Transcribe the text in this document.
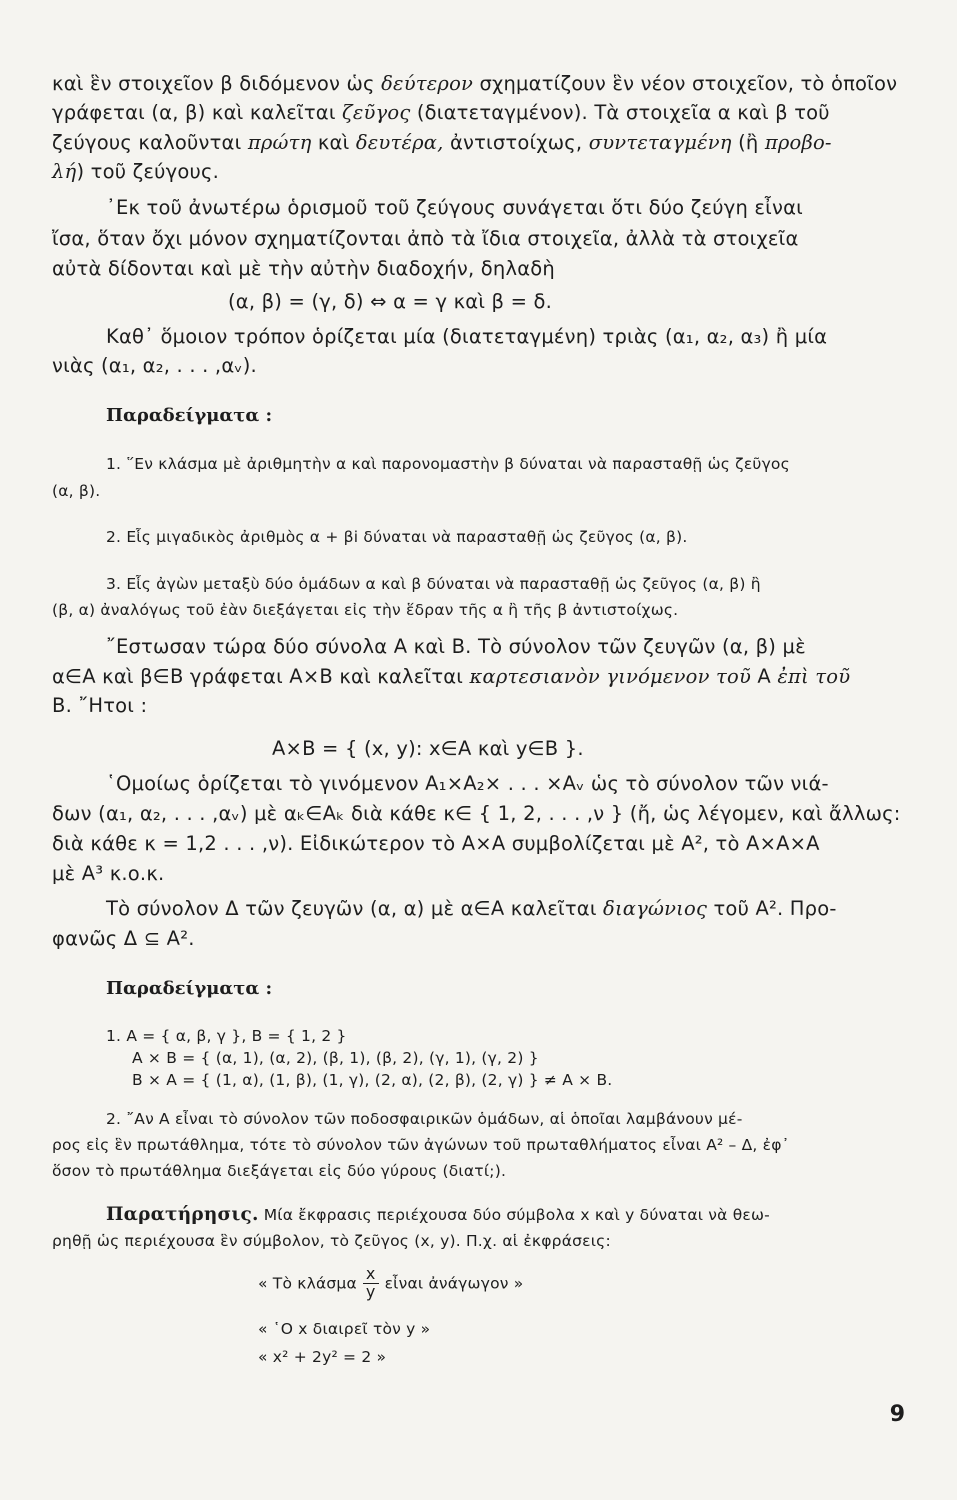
καὶ ἓν στοιχεῖον β διδόμενον ὡς δεύτερον σχηματίζουν ἓν νέον στοιχεῖον, τὸ ὁποῖον
γράφεται (α, β) καὶ καλεῖται ζεῦγος (διατεταγμένον). Τὰ στοιχεῖα α καὶ β τοῦ
ζεύγους καλοῦνται πρώτη καὶ δευτέρα, ἀντιστοίχως, συντεταγμένη (ἢ προβο-
λή) τοῦ ζεύγους.
᾿Εκ τοῦ ἀνωτέρω ὁρισμοῦ τοῦ ζεύγους συνάγεται ὅτι δύο ζεύγη εἶναι
ἴσα, ὅταν ὄχι μόνον σχηματίζονται ἀπὸ τὰ ἴδια στοιχεῖα, ἀλλὰ τὰ στοιχεῖα
αὐτὰ δίδονται καὶ μὲ τὴν αὐτὴν διαδοχήν, δηλαδὴ
(α, β) = (γ, δ) ⇔ α = γ καὶ β = δ.
Καθ᾿ ὅμοιον τρόπον ὁρίζεται μία (διατεταγμένη) τριὰς (α₁, α₂, α₃) ἢ μία
νιὰς (α₁, α₂, . . . ,αᵥ).
Παραδείγματα :
1. ῞Εν κλάσμα μὲ ἀριθμητὴν α καὶ παρονομαστὴν β δύναται νὰ παρασταθῇ ὡς ζεῦγος
(α, β).
2. Εἷς μιγαδικὸς ἀριθμὸς α + βi δύναται νὰ παρασταθῇ ὡς ζεῦγος (α, β).
3. Εἷς ἀγὼν μεταξὺ δύο ὁμάδων α καὶ β δύναται νὰ παρασταθῇ ὡς ζεῦγος (α, β) ἢ
(β, α) ἀναλόγως τοῦ ἐὰν διεξάγεται εἰς τὴν ἕδραν τῆς α ἢ τῆς β ἀντιστοίχως.
῎Εστωσαν τώρα δύο σύνολα Α καὶ Β. Τὸ σύνολον τῶν ζευγῶν (α, β) μὲ
α∈Α καὶ β∈Β γράφεται Α×Β καὶ καλεῖται καρτεσιανὸν γινόμενον τοῦ Α ἐπὶ τοῦ
Β. ῎Ητοι :
Α×Β = { (x, y): x∈Α καὶ y∈Β }.
῾Ομοίως ὁρίζεται τὸ γινόμενον Α₁×Α₂× . . . ×Αᵥ ὡς τὸ σύνολον τῶν νιά-
δων (α₁, α₂, . . . ,αᵥ) μὲ αₖ∈Αₖ διὰ κάθε κ∈ { 1, 2, . . . ,ν } (ἤ, ὡς λέγομεν, καὶ ἄλλως:
διὰ κάθε κ = 1,2 . . . ,ν). Εἰδικώτερον τὸ Α×Α συμβολίζεται μὲ Α², τὸ Α×Α×Α
μὲ Α³ κ.ο.κ.
Τὸ σύνολον Δ τῶν ζευγῶν (α, α) μὲ α∈Α καλεῖται διαγώνιος τοῦ Α². Προ-
φανῶς Δ ⊆ Α².
Παραδείγματα :
1. Α = { α, β, γ }, Β = { 1, 2 }
Α × Β = { (α, 1), (α, 2), (β, 1), (β, 2), (γ, 1), (γ, 2) }
Β × Α = { (1, α), (1, β), (1, γ), (2, α), (2, β), (2, γ) } ≠ Α × Β.
2. ῎Αν Α εἶναι τὸ σύνολον τῶν ποδοσφαιρικῶν ὁμάδων, αἱ ὁποῖαι λαμβάνουν μέ-
ρος εἰς ἓν πρωτάθλημα, τότε τὸ σύνολον τῶν ἀγώνων τοῦ πρωταθλήματος εἶναι Α² – Δ, ἐφ᾿
ὅσον τὸ πρωτάθλημα διεξάγεται εἰς δύο γύρους (διατί;).
Παρατήρησις. Μία ἔκφρασις περιέχουσα δύο σύμβολα x καὶ y δύναται νὰ θεω-
ρηθῇ ὡς περιέχουσα ἓν σύμβολον, τὸ ζεῦγος (x, y). Π.χ. αἱ ἐκφράσεις:
« Τὸ κλάσμα $\frac{x}{y}$ εἶναι ἀνάγωγον »
« ῾Ο x διαιρεῖ τὸν y »
« x² + 2y² = 2 »
9
